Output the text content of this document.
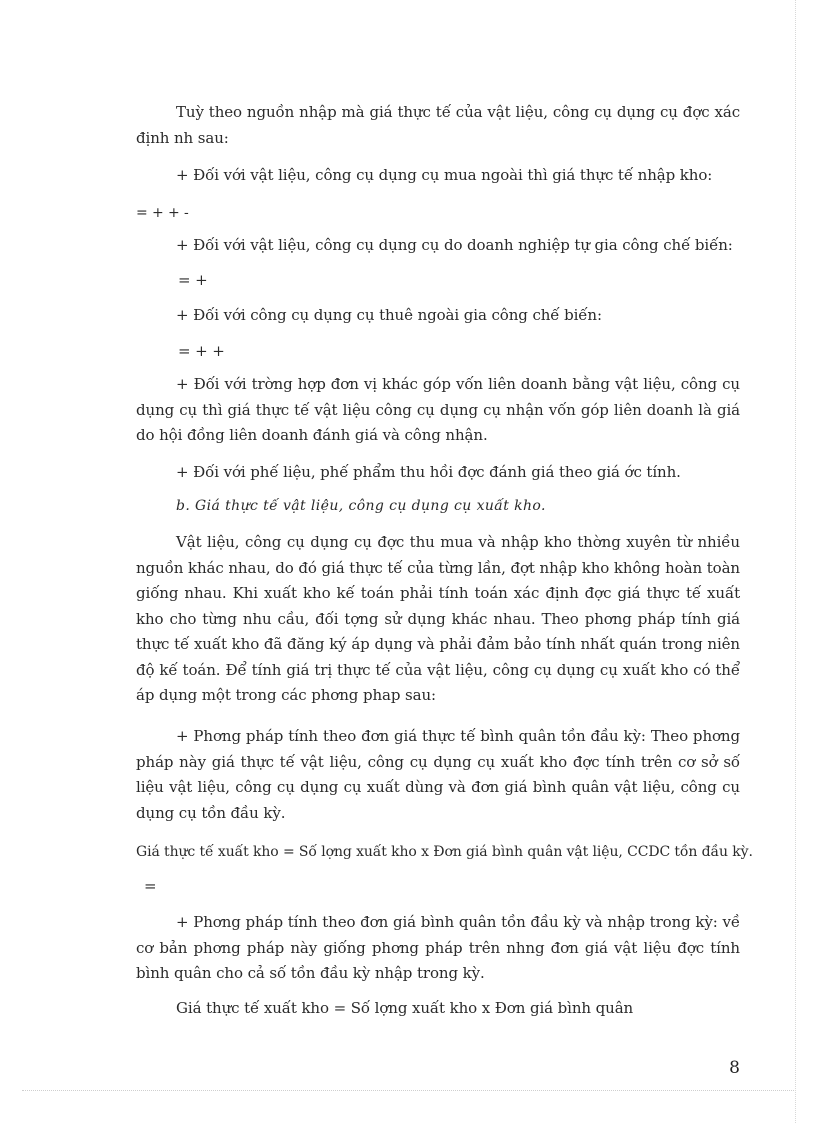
Tuỳ theo nguồn nhập mà giá thực tế của vật liệu, công cụ dụng cụ đợc xác định nh sau:
+ Đối với vật liệu, công cụ dụng cụ mua ngoài thì giá thực tế nhập kho:
= + + -
+ Đối với vật liệu, công cụ dụng cụ do doanh nghiệp tự gia công chế biến:
= +
+ Đối với công cụ dụng cụ thuê ngoài gia công chế biến:
= + +
+ Đối với trờng hợp đơn vị khác góp vốn liên doanh bằng vật liệu, công cụ dụng cụ thì giá thực tế vật liệu công cụ dụng cụ nhận vốn góp liên doanh là giá do hội đồng liên doanh đánh giá và công nhận.
+ Đối với phế liệu, phế phẩm thu hồi đợc đánh giá theo giá ớc tính.
b. Giá thực tế vật liệu, công cụ dụng cụ xuất kho.
Vật liệu, công cụ dụng cụ đợc thu mua và nhập kho thờng xuyên từ nhiều nguồn khác nhau, do đó giá thực tế của từng lần, đợt nhập kho không hoàn toàn giống nhau. Khi xuất kho kế toán phải tính toán xác định đợc giá thực tế xuất kho cho từng nhu cầu, đối tợng sử dụng khác nhau. Theo phơng pháp tính giá thực tế xuất kho đã đăng ký áp dụng và phải đảm bảo tính nhất quán trong niên độ kế toán. Để tính giá trị thực tế của vật liệu, công cụ dụng cụ xuất kho có thể áp dụng một trong các phơng phap sau:
+ Phơng pháp tính theo đơn giá thực tế bình quân tồn đầu kỳ: Theo phơng pháp này giá thực tế vật liệu, công cụ dụng cụ xuất kho đợc tính trên cơ sở số liệu vật liệu, công cụ dụng cụ xuất dùng và đơn giá bình quân vật liệu, công cụ dụng cụ tồn đầu kỳ.
Giá thực tế xuất kho = Số lợng xuất kho x Đơn giá bình quân vật liệu, CCDC tồn đầu kỳ.
=
+ Phơng pháp tính theo đơn giá bình quân tồn đầu kỳ và nhập trong kỳ: về cơ bản phơng pháp này giống phơng pháp trên nhng đơn giá vật liệu đợc tính bình quân cho cả số tồn đầu kỳ nhập trong kỳ.
Giá thực tế xuất kho = Số lợng xuất kho x Đơn giá bình quân
8
